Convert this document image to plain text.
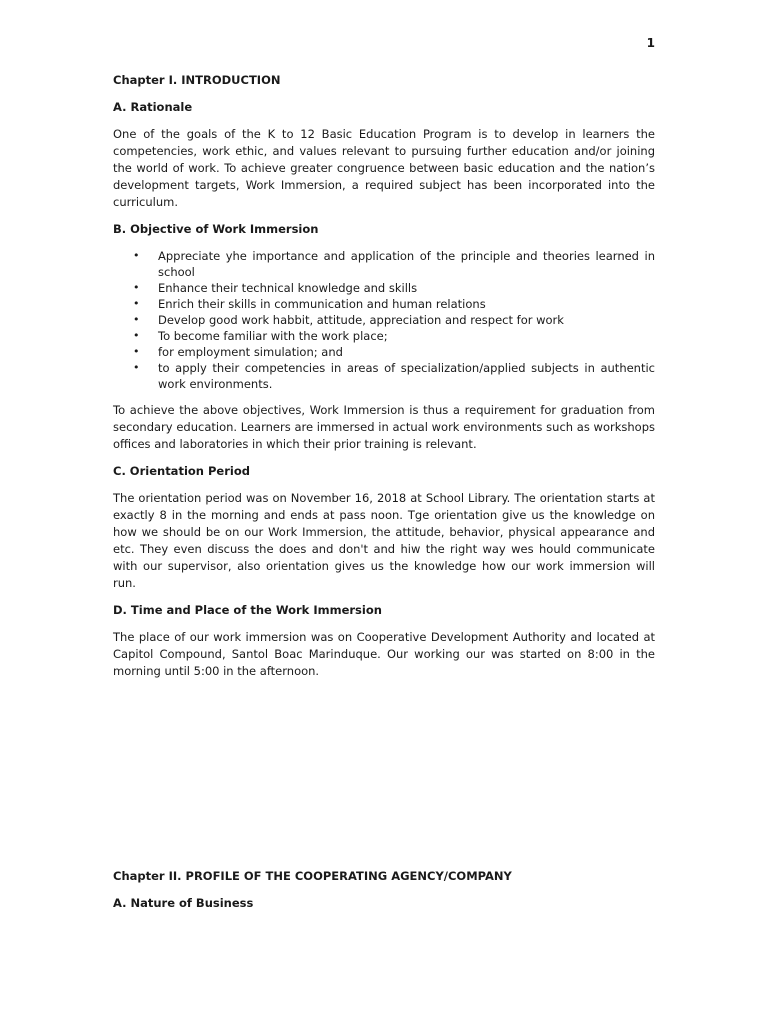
1
Chapter I. INTRODUCTION
A. Rationale

One of the goals of the K to 12 Basic Education Program is to develop in learners the competencies, work ethic, and values relevant to pursuing further education and/or joining the world of work. To achieve greater congruence between basic education and the nation’s development targets, Work Immersion, a required subject has been incorporated into the curriculum.

B. Objective of Work Immersion
• Appreciate yhe importance and application of the principle and theories learned in school
• Enhance their technical knowledge and skills
• Enrich their skills in communication and human relations
• Develop good work habbit, attitude, appreciation and respect for work
• To become familiar with the work place;
• for employment simulation; and
• to apply their competencies in areas of specialization/applied subjects in authentic work environments.

To achieve the above objectives, Work Immersion is thus a requirement for graduation from secondary education. Learners are immersed in actual work environments such as workshops offices and laboratories in which their prior training is relevant.

C. Orientation Period

The orientation period was on November 16, 2018 at School Library. The orientation starts at exactly 8 in the morning and ends at pass noon. Tge orientation give us the knowledge on how we should be on our Work Immersion, the attitude, behavior, physical appearance and etc. They even discuss the does and don't and hiw the right way wes hould communicate with our supervisor, also orientation gives us the knowledge how our work immersion will run.

D. Time and Place of the Work Immersion

The place of our work immersion was on Cooperative Development Authority and located at Capitol Compound, Santol Boac Marinduque. Our working our was started on 8:00 in the morning until 5:00 in the afternoon.

Chapter II. PROFILE OF THE COOPERATING AGENCY/COMPANY
A. Nature of Business
